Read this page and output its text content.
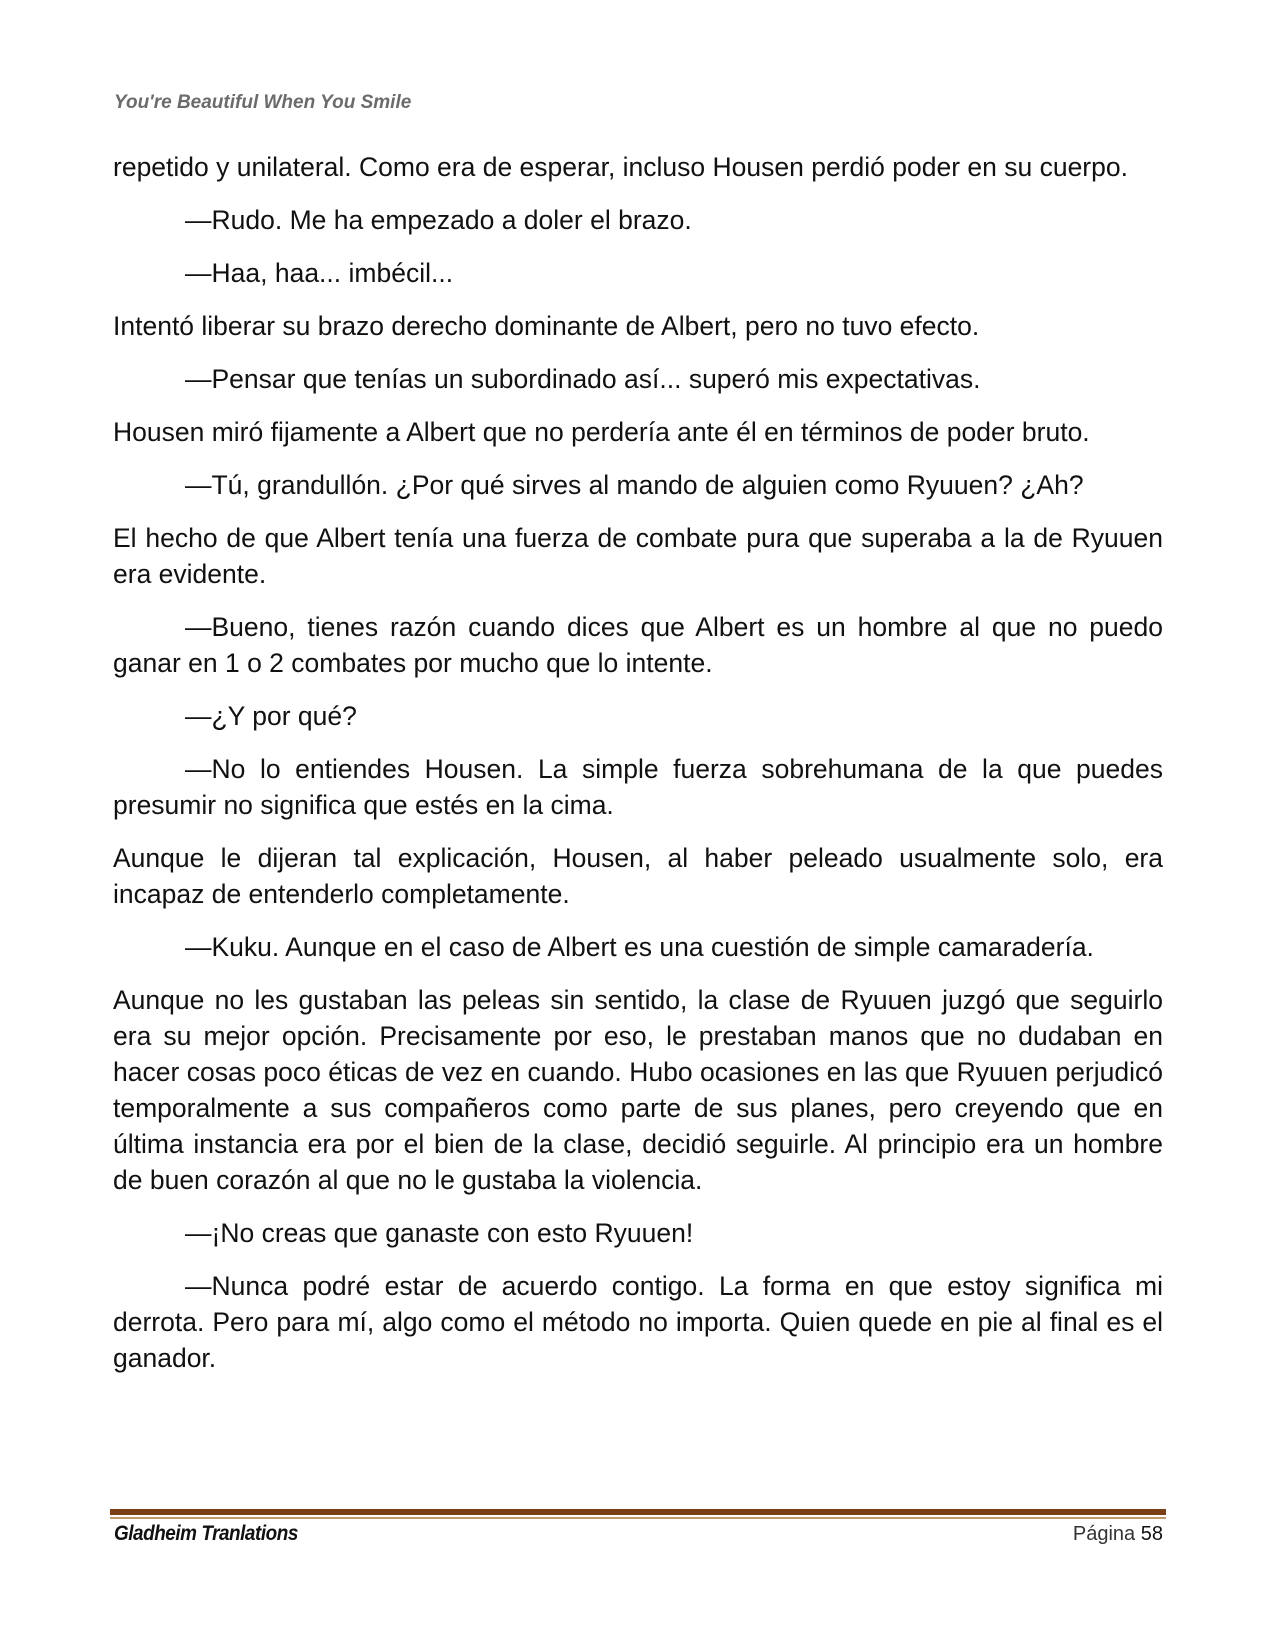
You're Beautiful When You Smile

repetido y unilateral. Como era de esperar, incluso Housen perdió poder en su cuerpo.

—Rudo. Me ha empezado a doler el brazo.

—Haa, haa... imbécil...

Intentó liberar su brazo derecho dominante de Albert, pero no tuvo efecto.

—Pensar que tenías un subordinado así... superó mis expectativas.

Housen miró fijamente a Albert que no perdería ante él en términos de poder bruto.

—Tú, grandullón. ¿Por qué sirves al mando de alguien como Ryuuen? ¿Ah?

El hecho de que Albert tenía una fuerza de combate pura que superaba a la de Ryuuen era evidente.

—Bueno, tienes razón cuando dices que Albert es un hombre al que no puedo ganar en 1 o 2 combates por mucho que lo intente.

—¿Y por qué?

—No lo entiendes Housen. La simple fuerza sobrehumana de la que puedes presumir no significa que estés en la cima.

Aunque le dijeran tal explicación, Housen, al haber peleado usualmente solo, era incapaz de entenderlo completamente.

—Kuku. Aunque en el caso de Albert es una cuestión de simple camaradería.

Aunque no les gustaban las peleas sin sentido, la clase de Ryuuen juzgó que seguirlo era su mejor opción. Precisamente por eso, le prestaban manos que no dudaban en hacer cosas poco éticas de vez en cuando. Hubo ocasiones en las que Ryuuen perjudicó temporalmente a sus compañeros como parte de sus planes, pero creyendo que en última instancia era por el bien de la clase, decidió seguirle. Al principio era un hombre de buen corazón al que no le gustaba la violencia.

—¡No creas que ganaste con esto Ryuuen!

—Nunca podré estar de acuerdo contigo. La forma en que estoy significa mi derrota. Pero para mí, algo como el método no importa. Quien quede en pie al final es el ganador.

Gladheim Tranlations	Página 58
